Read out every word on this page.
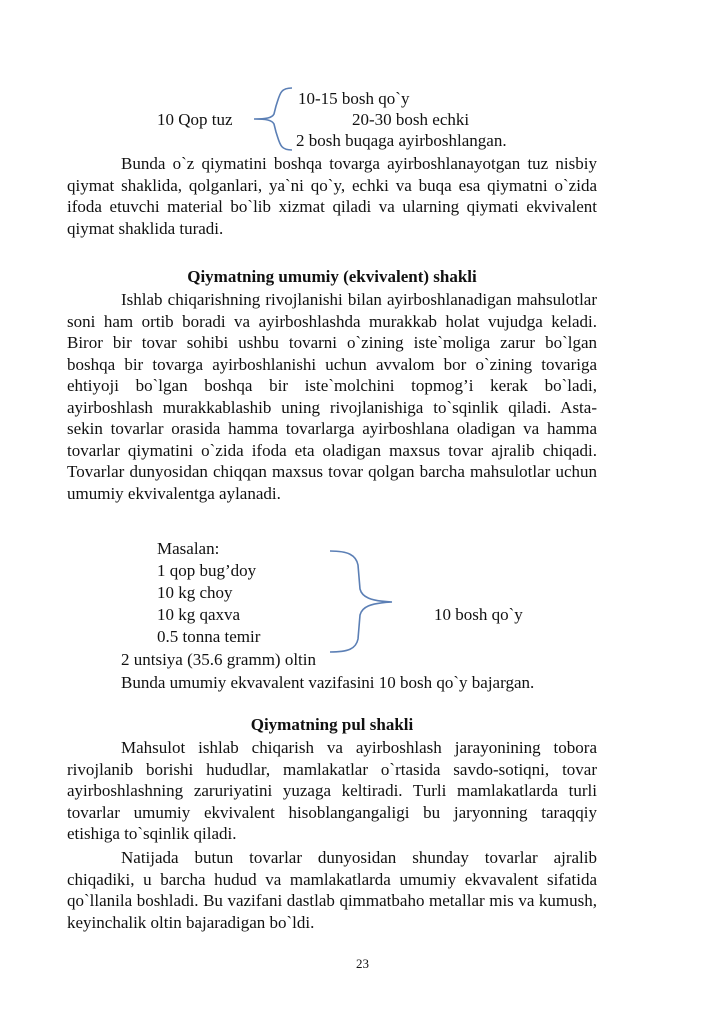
10-15 bosh qo`y
10 Qop tuz	20-30 bosh echki
2 bosh buqaga ayirboshlangan.

Bunda o`z qiymatini boshqa tovarga ayirboshlanayotgan tuz nisbiy qiymat shaklida, qolganlari, ya`ni qo`y, echki va buqa esa qiymatni o`zida ifoda etuvchi material bo`lib xizmat qiladi va ularning qiymati ekvivalent qiymat shaklida turadi.

Qiymatning umumiy (ekvivalent) shakli

Ishlab chiqarishning rivojlanishi bilan ayirboshlanadigan mahsulotlar soni ham ortib boradi va ayirboshlashda murakkab holat vujudga keladi. Biror bir tovar sohibi ushbu tovarni o`zining iste`moliga zarur bo`lgan boshqa bir tovarga ayirboshlanishi uchun avvalom bor o`zining tovariga ehtiyoji bo`lgan boshqa bir iste`molchini topmog’i kerak bo`ladi, ayirboshlash murakkablashib uning rivojlanishiga to`sqinlik qiladi. Asta-sekin tovarlar orasida hamma tovarlarga ayirboshlana oladigan va hamma tovarlar qiymatini o`zida ifoda eta oladigan maxsus tovar ajralib chiqadi. Tovarlar dunyosidan chiqqan maxsus tovar qolgan barcha mahsulotlar uchun umumiy ekvivalentga aylanadi.

Masalan:
1 qop bug’doy
10 kg choy
10 kg qaxva	10 bosh qo`y
0.5 tonna temir
2 untsiya (35.6 gramm) oltin
Bunda umumiy ekvavalent vazifasini 10 bosh qo`y bajargan.
Qiymatning pul shakli

Mahsulot ishlab chiqarish va ayirboshlash jarayonining tobora rivojlanib borishi hududlar, mamlakatlar o`rtasida savdo-sotiqni, tovar ayirboshlashning zaruriyatini yuzaga keltiradi. Turli mamlakatlarda turli tovarlar umumiy ekvivalent hisoblangangaligi bu jaryonning taraqqiy etishiga to`sqinlik qiladi.

Natijada butun tovarlar dunyosidan shunday tovarlar ajralib chiqadiki, u barcha hudud va mamlakatlarda umumiy ekvavalent sifatida qo`llanila boshladi. Bu vazifani dastlab qimmatbaho metallar mis va kumush, keyinchalik oltin bajaradigan bo`ldi.

23
